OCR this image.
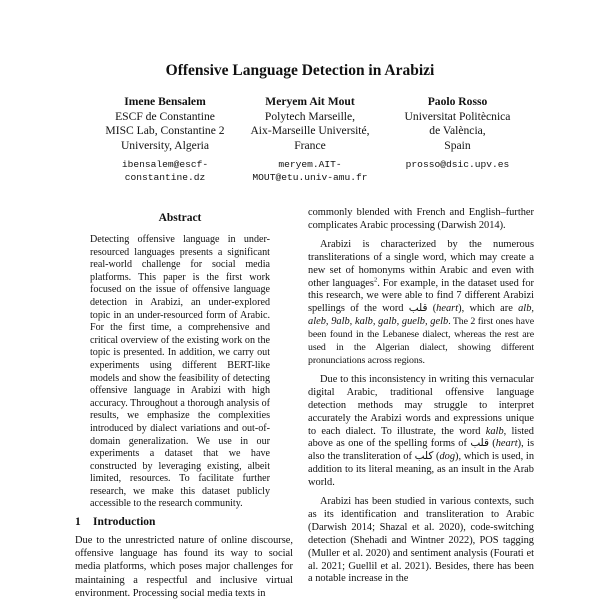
Offensive Language Detection in Arabizi
Imene Bensalem
ESCF de Constantine
MISC Lab, Constantine 2
University, Algeria
ibensalem@escf-
constantine.dz
Meryem Ait Mout
Polytech Marseille,
Aix-Marseille Université,
France
meryem.AIT-
MOUT@etu.univ-amu.fr
Paolo Rosso
Universitat Politècnica
de València,
Spain
prosso@dsic.upv.es
Abstract
Detecting offensive language in under-resourced languages presents a significant real-world challenge for social media platforms. This paper is the first work focused on the issue of offensive language detection in Arabizi, an under-explored topic in an under-resourced form of Arabic. For the first time, a comprehensive and critical overview of the existing work on the topic is presented. In addition, we carry out experiments using different BERT-like models and show the feasibility of detecting offensive language in Arabizi with high accuracy. Throughout a thorough analysis of results, we emphasize the complexities introduced by dialect variations and out-of-domain generalization. We use in our experiments a dataset that we have constructed by leveraging existing, albeit limited, resources. To facilitate further research, we make this dataset publicly accessible to the research community.
1 Introduction
Due to the unrestricted nature of online discourse, offensive language has found its way to social media platforms, which poses major challenges for maintaining a respectful and inclusive virtual environment. Processing social media texts in

commonly blended with French and English–further complicates Arabic processing (Darwish 2014).

Arabizi is characterized by the numerous transliterations of a single word, which may create a new set of homonyms within Arabic and even with other languages$^2$. For example, in the dataset used for this research, we were able to find 7 different Arabizi spellings of the word قلب (heart), which are alb, aleb, 9alb, kalb, galb, guelb, gelb. The 2 first ones have been found in the Lebanese dialect, whereas the rest are used in the Algerian dialect, showing different pronunciations across regions.

Due to this inconsistency in writing this vernacular digital Arabic, traditional offensive language detection methods may struggle to interpret accurately the Arabizi words and expressions unique to each dialect. To illustrate, the word kalb, listed above as one of the spelling forms of قلب (heart), is also the transliteration of كلب (dog), which is used, in addition to its literal meaning, as an insult in the Arab world.

Arabizi has been studied in various contexts, such as its identification and transliteration to Arabic (Darwish 2014; Shazal et al. 2020), code-switching detection (Shehadi and Wintner 2022), POS tagging (Muller et al. 2020) and sentiment analysis (Fourati et al. 2021; Guellil et al. 2021). Besides, there has been a notable increase in the
